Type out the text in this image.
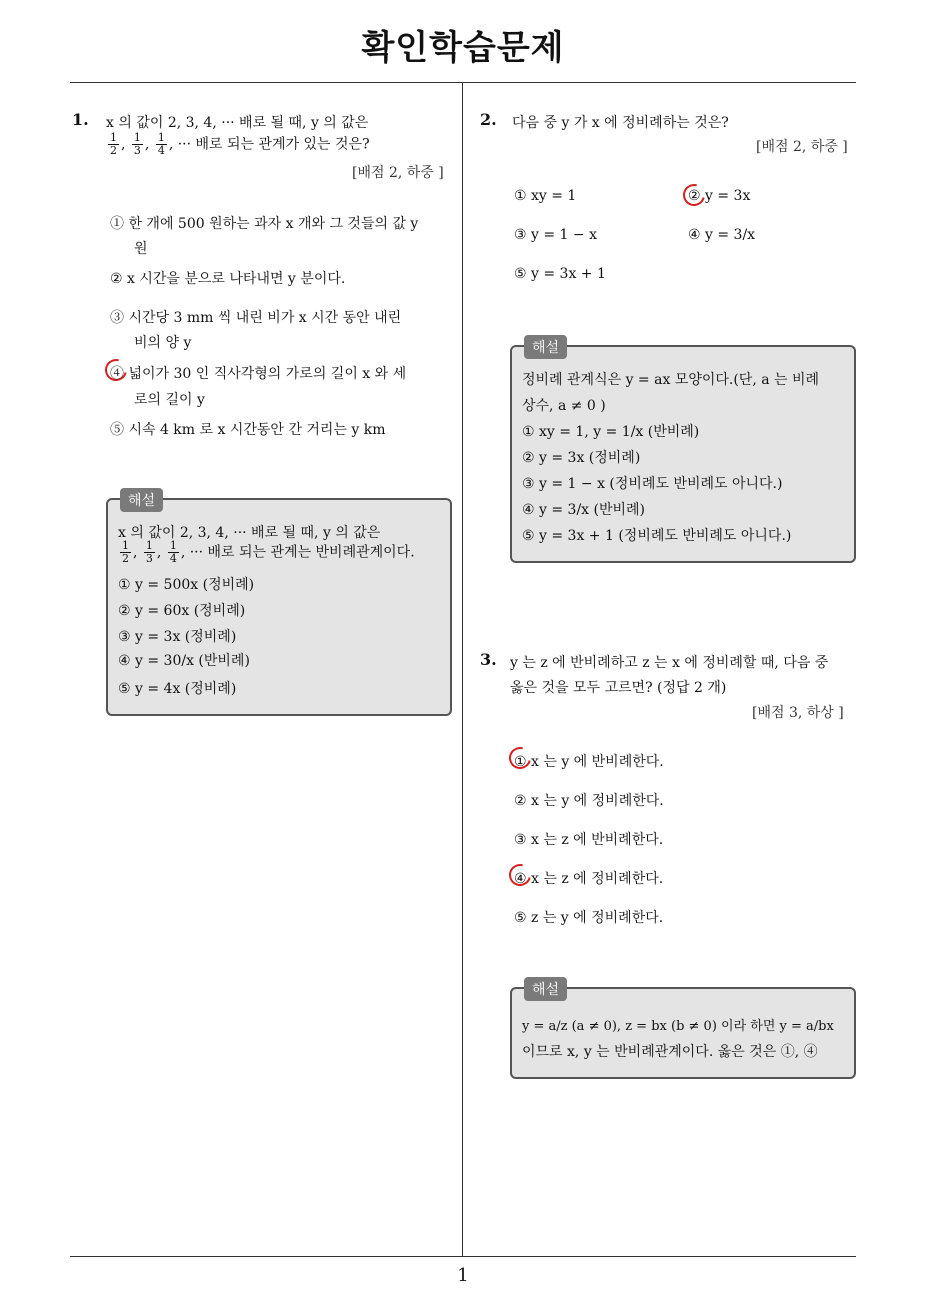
확인학습문제
1
1. x 의 값이 2, 3, 4, ··· 배로 될 때, y 의 값은
$\frac{1}{2}$ , $\frac{1}{3}$ , $\frac{1}{4}$ , ··· 배로 되는 관계가 있는 것은?
[배점 2, 하중 ]
① 한 개에 500 원하는 과자 x 개와 그 것들의 값 y
원
② x 시간을 분으로 나타내면 y 분이다.
③ 시간당 3 mm 씩 내린 비가 x 시간 동안 내린
비의 양 y
④ 넓이가 30 인 직사각형의 가로의 길이 x 와 세
로의 길이 y
⑤ 시속 4 km 로 x 시간동안 간 거리는 y km
해설
x 의 값이 2, 3, 4, ··· 배로 될 때, y 의 값은
$\frac{1}{2}$ , $\frac{1}{3}$ , $\frac{1}{4}$ , ··· 배로 되는 관계는 반비례관계이다.
① y = 500x (정비례)
② y = 60x (정비례)
③ y = 3x (정비례)
④ y = 30/x (반비례)
⑤ y = 4x (정비례)
2. 다음 중 y 가 x 에 정비례하는 것은?
[배점 2, 하중 ]
① xy = 1	② y = 3x
③ y = 1 − x	④ y = 3/x
⑤ y = 3x + 1
해설
정비례 관계식은 y = ax 모양이다.(단, a 는 비례
상수, a ≠ 0 )
① xy = 1, y = 1/x (반비례)
② y = 3x (정비례)
③ y = 1 − x (정비례도 반비례도 아니다.)
④ y = 3/x (반비례)
⑤ y = 3x + 1 (정비례도 반비례도 아니다.)
3. y 는 z 에 반비례하고 z 는 x 에 정비례할 때, 다음 중
옳은 것을 모두 고르면? (정답 2 개)
[배점 3, 하상 ]
① x 는 y 에 반비례한다.
② x 는 y 에 정비례한다.
③ x 는 z 에 반비례한다.
④ x 는 z 에 정비례한다.
⑤ z 는 y 에 정비례한다.
해설
y = a/z (a ≠ 0), z = bx (b ≠ 0) 이라 하면 y = a/bx
이므로 x, y 는 반비례관계이다. 옳은 것은 ①, ④
